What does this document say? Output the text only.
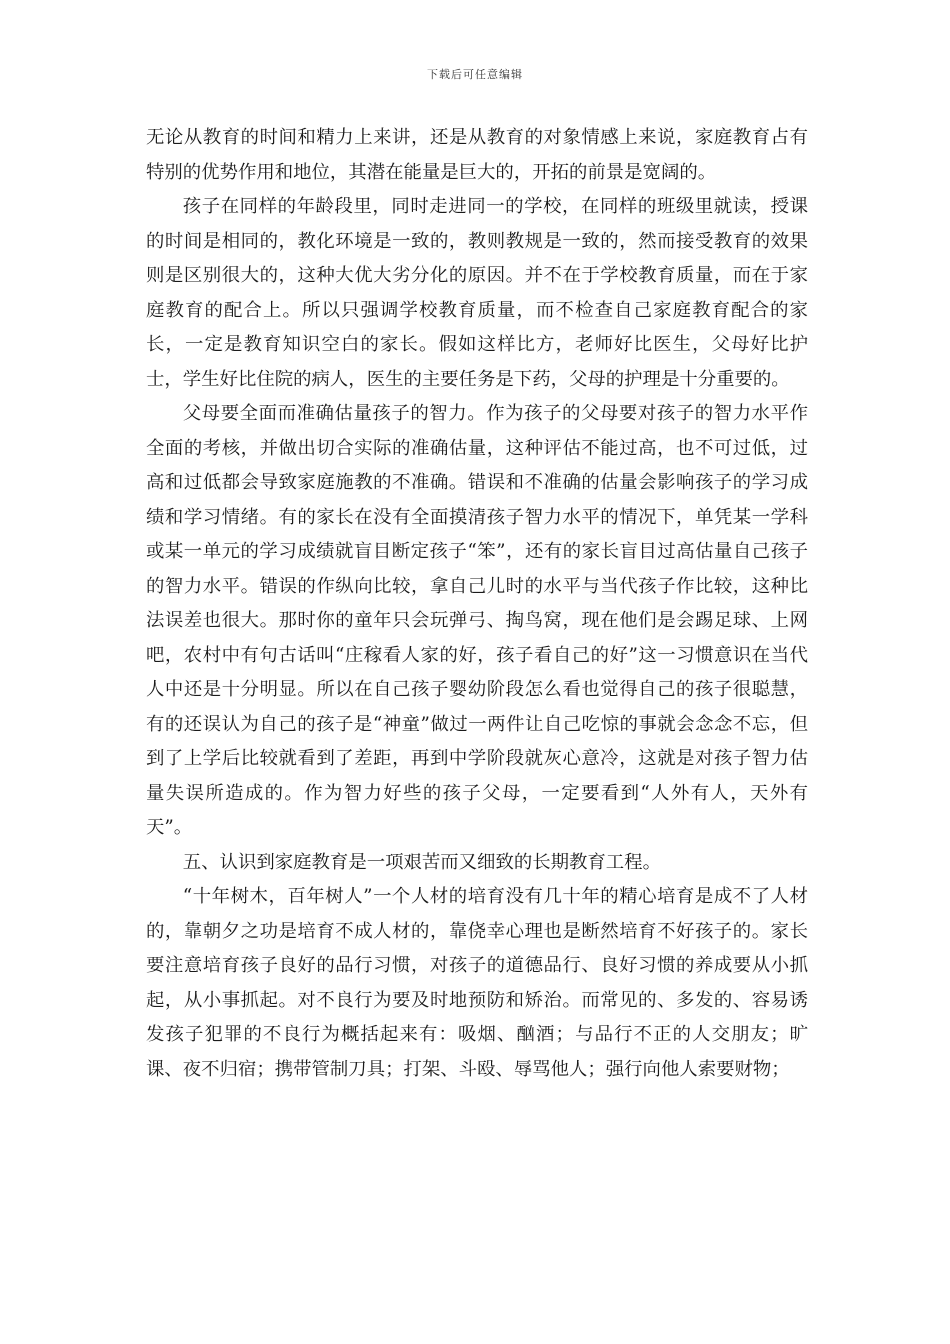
下载后可任意编辑

无论从教育的时间和精力上来讲，还是从教育的对象情感上来说，家庭教育占有特别的优势作用和地位，其潜在能量是巨大的，开拓的前景是宽阔的。

孩子在同样的年龄段里，同时走进同一的学校，在同样的班级里就读，授课的时间是相同的，教化环境是一致的，教则教规是一致的，然而接受教育的效果则是区别很大的，这种大优大劣分化的原因。并不在于学校教育质量，而在于家庭教育的配合上。所以只强调学校教育质量，而不检查自己家庭教育配合的家长，一定是教育知识空白的家长。假如这样比方，老师好比医生，父母好比护士，学生好比住院的病人，医生的主要任务是下药，父母的护理是十分重要的。

父母要全面而准确估量孩子的智力。作为孩子的父母要对孩子的智力水平作全面的考核，并做出切合实际的准确估量，这种评估不能过高，也不可过低，过高和过低都会导致家庭施教的不准确。错误和不准确的估量会影响孩子的学习成绩和学习情绪。有的家长在没有全面摸清孩子智力水平的情况下，单凭某一学科或某一单元的学习成绩就盲目断定孩子“笨”，还有的家长盲目过高估量自己孩子的智力水平。错误的作纵向比较，拿自己儿时的水平与当代孩子作比较，这种比法误差也很大。那时你的童年只会玩弹弓、掏鸟窝，现在他们是会踢足球、上网吧，农村中有句古话叫“庄稼看人家的好，孩子看自己的好”这一习惯意识在当代人中还是十分明显。所以在自己孩子婴幼阶段怎么看也觉得自己的孩子很聪慧，有的还误认为自己的孩子是“神童”做过一两件让自己吃惊的事就会念念不忘，但到了上学后比较就看到了差距，再到中学阶段就灰心意冷，这就是对孩子智力估量失误所造成的。作为智力好些的孩子父母，一定要看到“人外有人，天外有天”。

五、认识到家庭教育是一项艰苦而又细致的长期教育工程。

“十年树木，百年树人”一个人材的培育没有几十年的精心培育是成不了人材的，靠朝夕之功是培育不成人材的，靠侥幸心理也是断然培育不好孩子的。家长要注意培育孩子良好的品行习惯，对孩子的道德品行、良好习惯的养成要从小抓起，从小事抓起。对不良行为要及时地预防和矫治。而常见的、多发的、容易诱发孩子犯罪的不良行为概括起来有：吸烟、酗酒；与品行不正的人交朋友；旷课、夜不归宿；携带管制刀具；打架、斗殴、辱骂他人；强行向他人索要财物；
